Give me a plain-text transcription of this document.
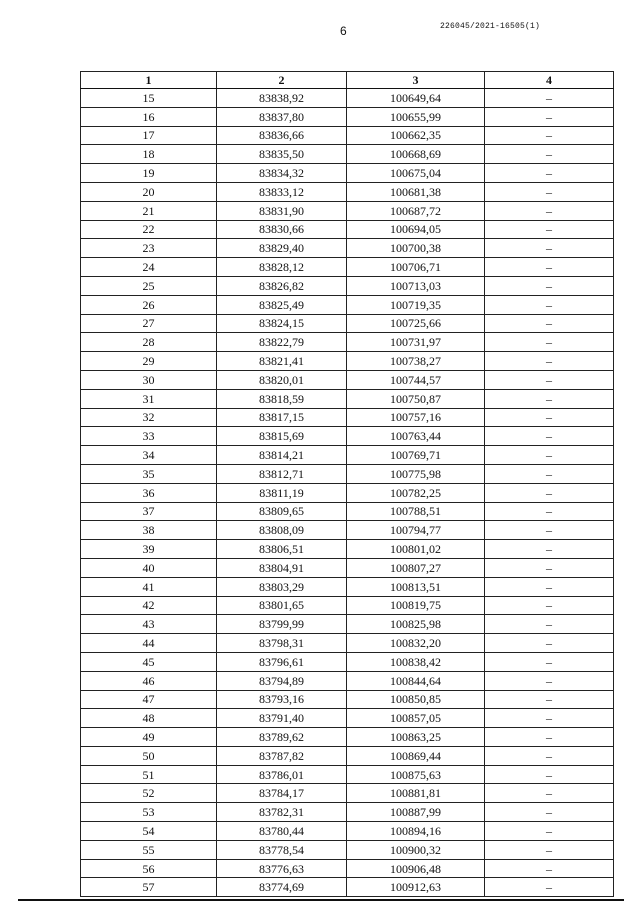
6	226045/2021-16505(1)
1	2	3	4
15	83838,92	100649,64	–
16	83837,80	100655,99	–
17	83836,66	100662,35	–
18	83835,50	100668,69	–
19	83834,32	100675,04	–
20	83833,12	100681,38	–
21	83831,90	100687,72	–
22	83830,66	100694,05	–
23	83829,40	100700,38	–
24	83828,12	100706,71	–
25	83826,82	100713,03	–
26	83825,49	100719,35	–
27	83824,15	100725,66	–
28	83822,79	100731,97	–
29	83821,41	100738,27	–
30	83820,01	100744,57	–
31	83818,59	100750,87	–
32	83817,15	100757,16	–
33	83815,69	100763,44	–
34	83814,21	100769,71	–
35	83812,71	100775,98	–
36	83811,19	100782,25	–
37	83809,65	100788,51	–
38	83808,09	100794,77	–
39	83806,51	100801,02	–
40	83804,91	100807,27	–
41	83803,29	100813,51	–
42	83801,65	100819,75	–
43	83799,99	100825,98	–
44	83798,31	100832,20	–
45	83796,61	100838,42	–
46	83794,89	100844,64	–
47	83793,16	100850,85	–
48	83791,40	100857,05	–
49	83789,62	100863,25	–
50	83787,82	100869,44	–
51	83786,01	100875,63	–
52	83784,17	100881,81	–
53	83782,31	100887,99	–
54	83780,44	100894,16	–
55	83778,54	100900,32	–
56	83776,63	100906,48	–
57	83774,69	100912,63	–
